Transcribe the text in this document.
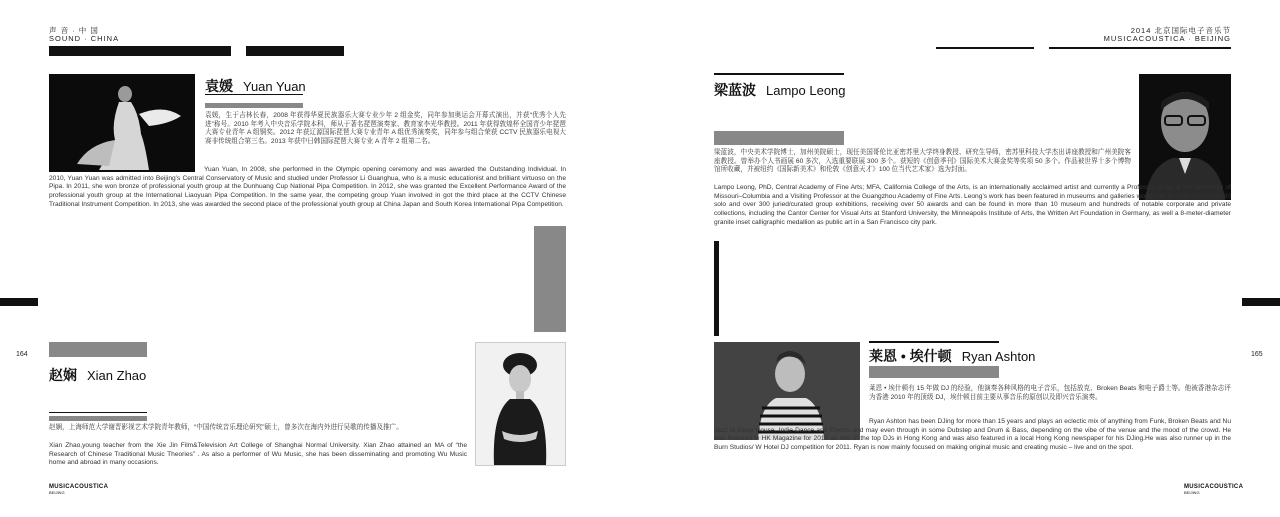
声 音 · 中 国
SOUND · CHINA
袁媛 Yuan Yuan
袁媛，生于吉林长春，2008 年获得华夏民族器乐大赛专业少年 2 组金奖，同年参加奥运会开幕式演出，并获“优秀个人先进”称号。2010 年考入中央音乐学院本科，师从于著名琵琶演奏家、教育家李光华教授。2011 年获得敦煌杯全国青少年琵琶大赛专业青年 A 组铜奖。2012 年获辽源国际琵琶大赛专业青年 A 组优秀演奏奖，同年参与组合荣获 CCTV 民族器乐电视大赛非传统组合第三名。2013 年获中日韩国际琵琶大赛专业 A 青年 2 组第二名。
Yuan Yuan, In 2008, she performed in the Olympic opening ceremony and was awarded the Outstanding Individual. In 2010, Yuan Yuan was admitted into Beijing’s Central Conservatory of Music and studied under Professor Li Guanghua, who is a music educationist and brilliant virtuoso on the Pipa. In 2011, she won bronze of professional youth group at the Dunhuang Cup National Pipa Competition. In 2012, she was granted the Excellent Performance Award of the professional youth group at the International Liaoyuan Pipa Competition. In the same year, the competing group Yuan involved in got the third place at the CCTV Chinese Traditional Instrument Competition. In 2013, she was awarded the second place of the professional youth group at China Japan and South Korea International Pipa Competition.
164
赵娴 Xian Zhao
赵娴，上海师范大学谢晋影视艺术学院青年教师，“中国传统音乐理论研究”硕士，曾多次在海内外进行吴歌的传播及推广。
Xian Zhao,young teacher from the Xie Jin Film&Television Art College of Shanghai Normal University. Xian Zhao attained an MA of “the Research of Chinese Traditional Music Theories” . As also a performer of Wu Music, she has been disseminating and promoting Wu Music home and abroad in many occasions.
MUSICACOUSTICA
BEIJING
2014 北京国际电子音乐节
MUSICACOUSTICA · BEIJING
梁蓝波 Lampo Leong
梁蓝波，中央美术学院博士，加州美院硕士，现任美国哥伦比亚密苏里大学终身教授、研究生导师，密苏里科技大学杰出讲座教授和广州美院客座教授。曾举办个人书画展 60 多次，入选重要联展 300 多个。获短的《创意季刊》国际美术大赛金奖等奖项 50 多个。作品被世界十多个博物馆所收藏，并被纽约《国际新美术》和伦敦《创意天才》100 位当代艺术家》选为封面。
Lampo Leong, PhD, Central Academy of Fine Arts; MFA, California College of the Arts, is an internationally acclaimed artist and currently a Professor of Art at the University of Missouri–Columbia and a Visiting Professor at the Guangzhou Academy of Fine Arts. Leong’s work has been featured in museums and galleries worldwide through more than 60 solo and over 300 juried/curated group exhibitions, receiving over 50 awards and can be found in more than 10 museum and hundreds of notable corporate and private collections, including the Cantor Center for Visual Arts at Stanford University, the Minneapolis Institute of Arts, the Written Art Foundation in Germany, as well a 8-meter-diameter granite inset calligraphic medallion as public art in a San Francisco city park.
165
莱恩 • 埃什顿 Ryan Ashton
莱恩 • 埃什顿有 15 年做 DJ 的经验，他演奏各种风格的电子音乐，包括放克、Broken Beats 和电子爵士等。他被香港杂志评为香港 2010 年的顶级 DJ，埃什顿目前主要从事音乐的原创以及即兴音乐演奏。
Ryan Ashton has been DJing for more than 15 years and plays an eclectic mix of anything from Funk, Broken Beats and Nu Jazz to Deep House, Indie Dance and Electro and may even through in some Dubstep and Drum & Bass, depending on the vibe of the venue and the mood of the crowd. He was featured in HK Magazine for 2010 as one of the top DJs in Hong Kong and was also featured in a local Hong Kong newspaper for his DJing.He was also runner up in the Burn Studios/ W Hotel DJ competition for 2011. Ryan is now mainly focused on making original music and creating music – live and on the spot.
MUSICACOUSTICA
BEIJING
